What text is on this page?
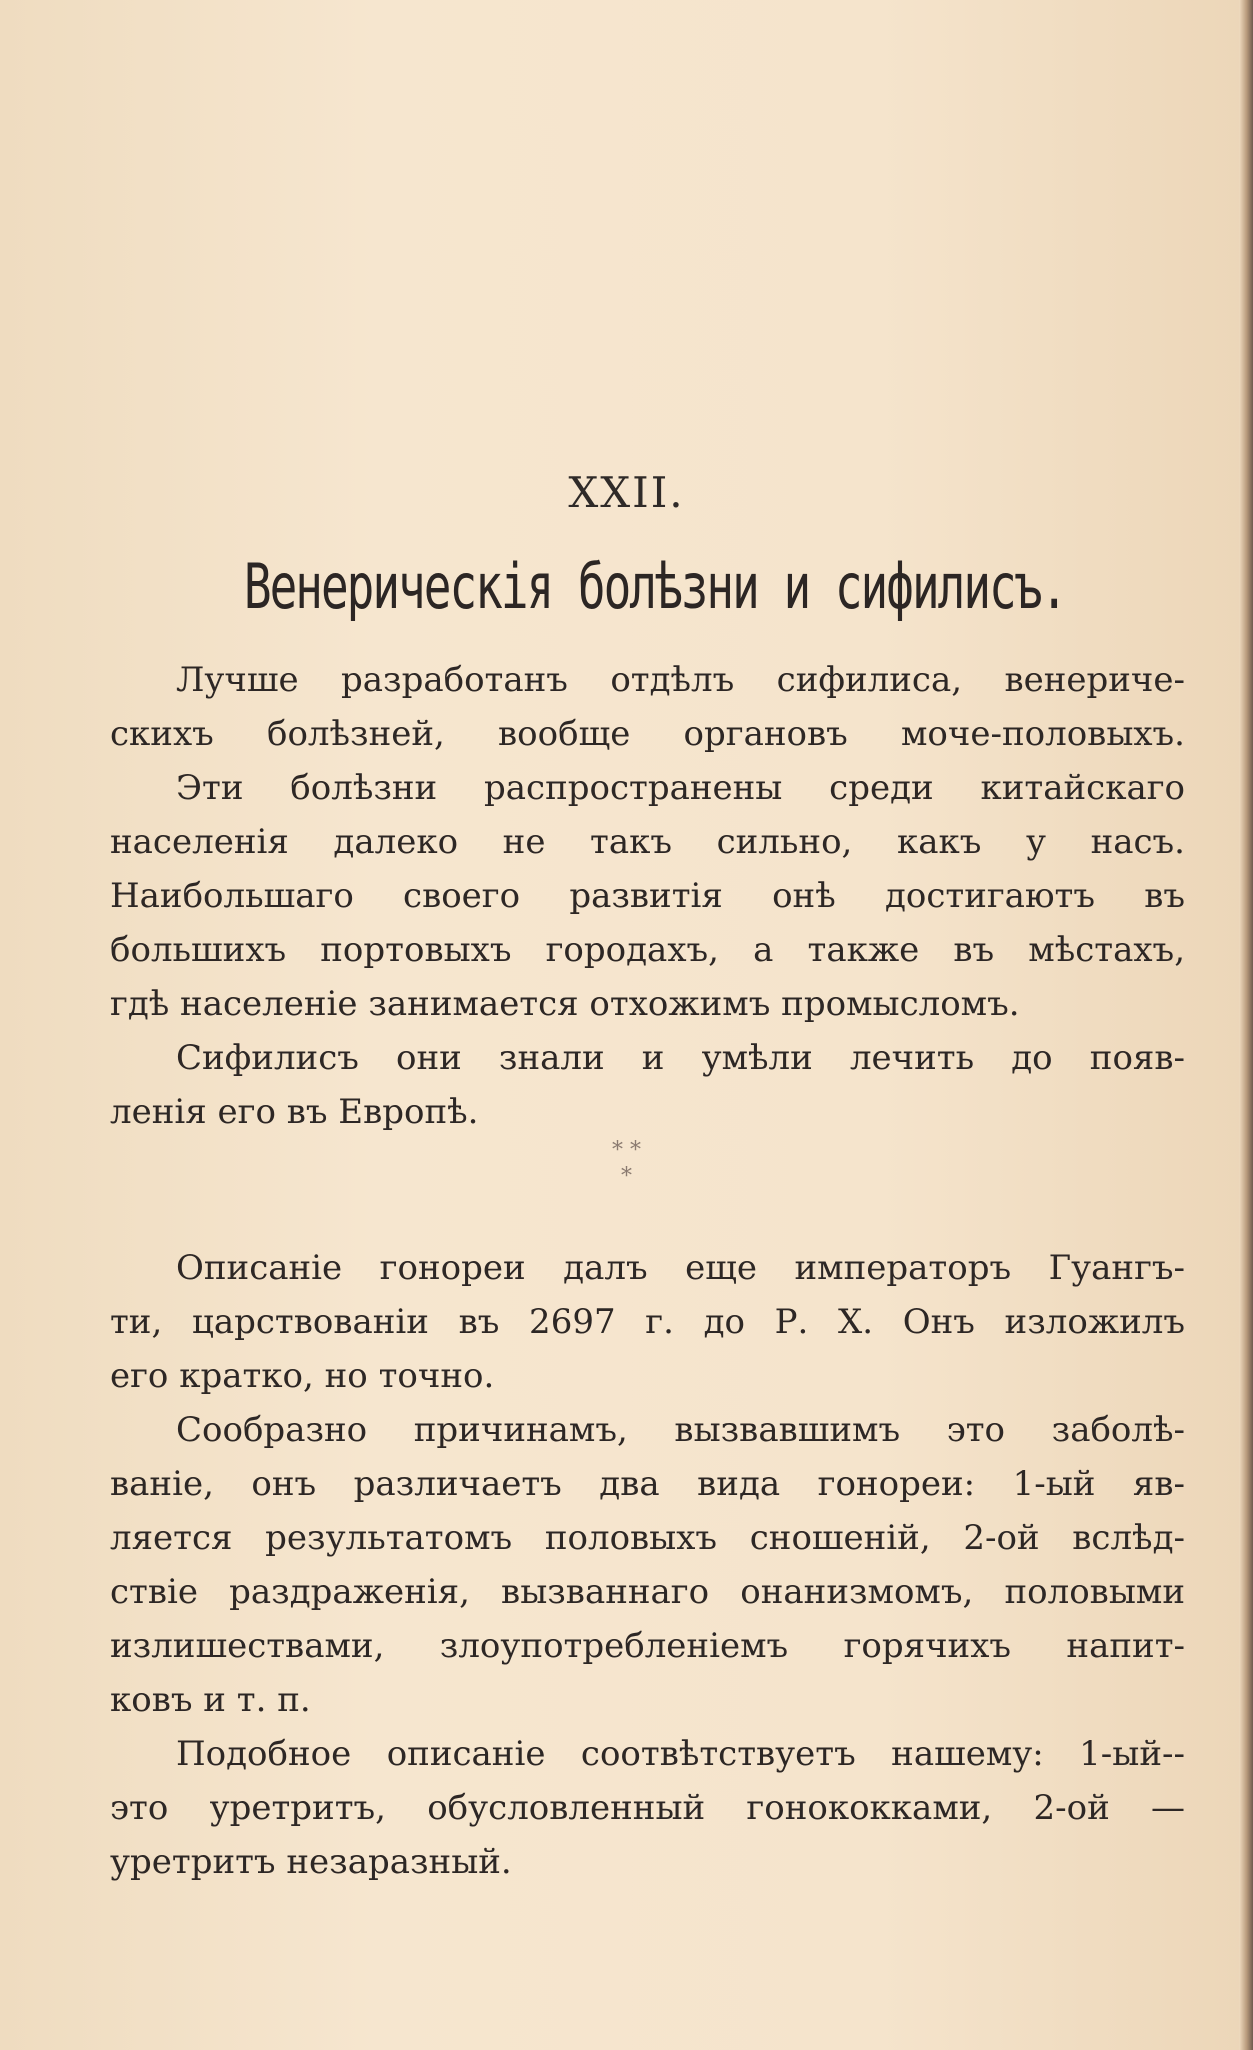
XXII.
Венерическія болѣзни и сифилисъ.
Лучше разработанъ отдѣлъ сифилиса, венериче-
скихъ болѣзней, вообще органовъ моче-половыхъ.
Эти болѣзни распространены среди китайскаго
населенія далеко не такъ сильно, какъ у насъ.
Наибольшаго своего развитія онѣ достигаютъ въ
большихъ портовыхъ городахъ, а также въ мѣстахъ,
гдѣ населеніе занимается отхожимъ промысломъ.
Сифилисъ они знали и умѣли лечить до появ-
ленія его въ Европѣ.
Описаніе гонореи далъ еще императоръ Гуангъ-
ти, царствованіи въ 2697 г. до Р. Х. Онъ изложилъ
его кратко, но точно.
Сообразно причинамъ, вызвавшимъ это заболѣ-
ваніе, онъ различаетъ два вида гонореи: 1-ый яв-
ляется результатомъ половыхъ сношеній, 2-ой вслѣд-
ствіе раздраженія, вызваннаго онанизмомъ, половыми
излишествами, злоупотребленіемъ горячихъ напит-
ковъ и т. п.
Подобное описаніе соотвѣтствуетъ нашему: 1-ый--
это уретритъ, обусловленный гонококками, 2-ой —
уретритъ незаразный.
* *
*
